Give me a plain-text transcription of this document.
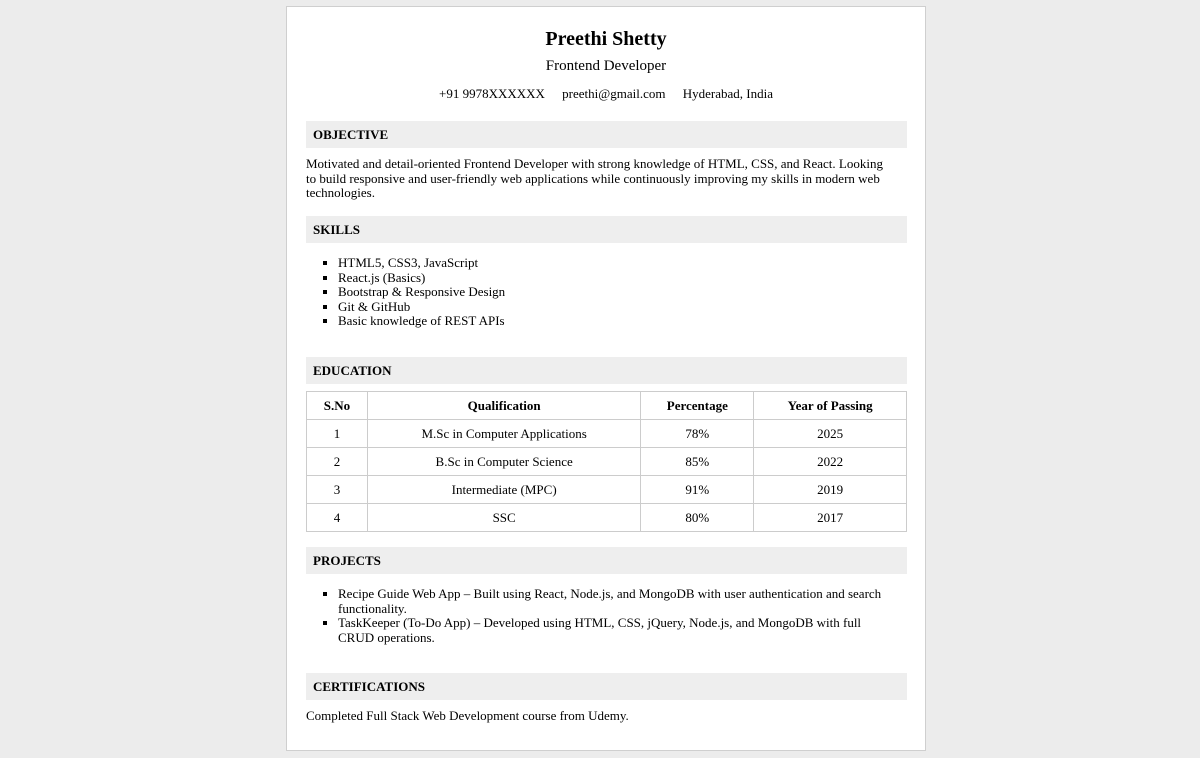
Preethi Shetty
Frontend Developer
+91 9978XXXXXX preethi@gmail.com Hyderabad, India
OBJECTIVE
Motivated and detail-oriented Frontend Developer with strong knowledge of HTML, CSS, and React. Looking to build responsive and user-friendly web applications while continuously improving my skills in modern web technologies.
SKILLS
▪ HTML5, CSS3, JavaScript
▪ React.js (Basics)
▪ Bootstrap & Responsive Design
▪ Git & GitHub
▪ Basic knowledge of REST APIs
EDUCATION
S.No	Qualification	Percentage	Year of Passing
1	M.Sc in Computer Applications	78%	2025
2	B.Sc in Computer Science	85%	2022
3	Intermediate (MPC)	91%	2019
4	SSC	80%	2017
PROJECTS
▪ Recipe Guide Web App – Built using React, Node.js, and MongoDB with user authentication and search functionality.
▪ TaskKeeper (To-Do App) – Developed using HTML, CSS, jQuery, Node.js, and MongoDB with full CRUD operations.
CERTIFICATIONS
Completed Full Stack Web Development course from Udemy.
